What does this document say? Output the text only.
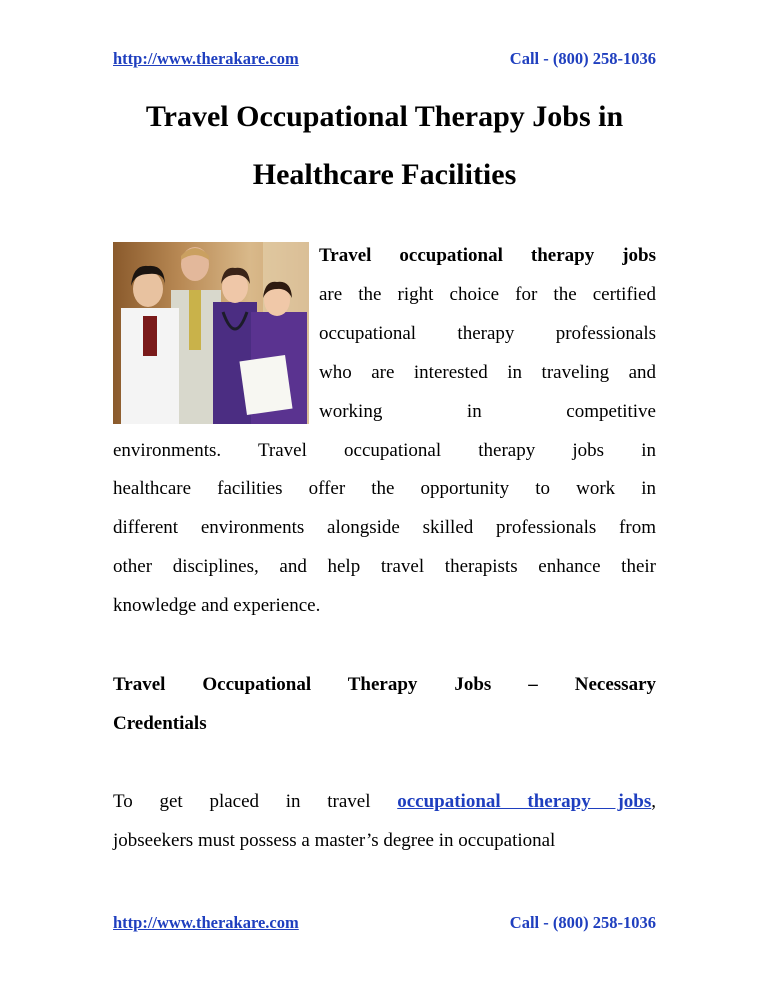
http://www.therakare.com	Call - (800) 258-1036
Travel Occupational Therapy Jobs in
Healthcare Facilities
Travel occupational therapy jobs
are the right choice for the certified
occupational therapy professionals
who are interested in traveling and
working in competitive
environments. Travel occupational therapy jobs in
healthcare facilities offer the opportunity to work in
different environments alongside skilled professionals from
other disciplines, and help travel therapists enhance their
knowledge and experience.
Travel Occupational Therapy Jobs – Necessary
Credentials
To get placed in travel occupational therapy jobs,
jobseekers must possess a master’s degree in occupational
http://www.therakare.com	Call - (800) 258-1036
